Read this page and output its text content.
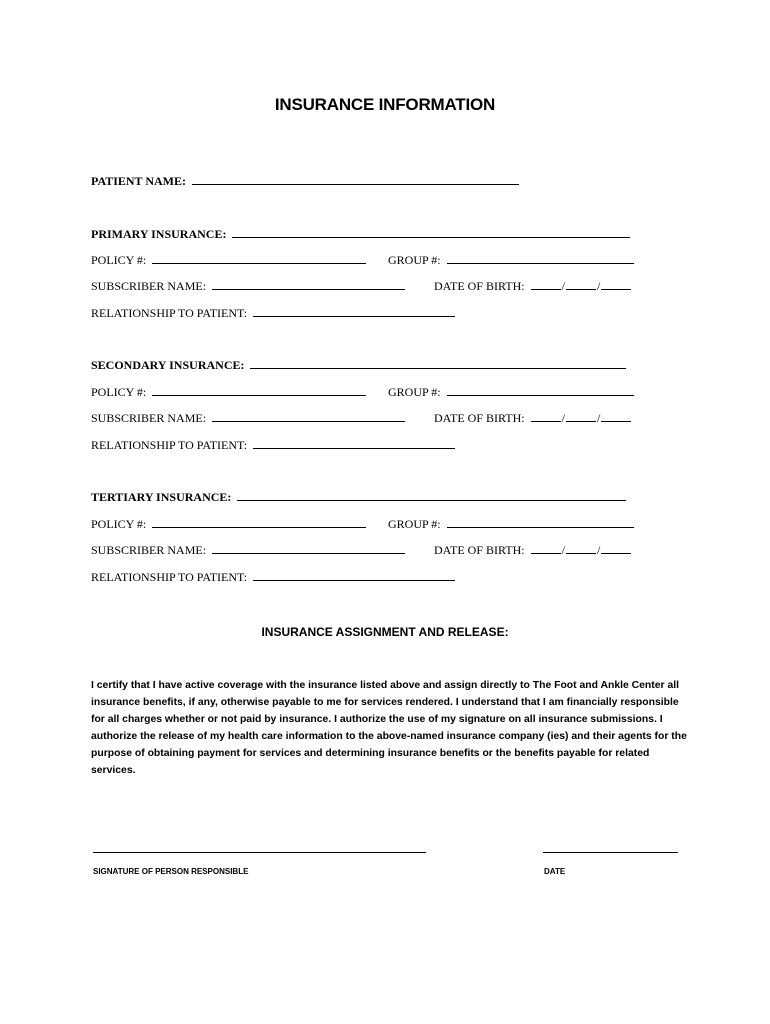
INSURANCE INFORMATION
PATIENT NAME:
PRIMARY INSURANCE:
POLICY #:	GROUP #:
SUBSCRIBER NAME:	DATE OF BIRTH:	/	/
RELATIONSHIP TO PATIENT:
SECONDARY INSURANCE:
POLICY #:	GROUP #:
SUBSCRIBER NAME:	DATE OF BIRTH:	/	/
RELATIONSHIP TO PATIENT:
TERTIARY INSURANCE:
POLICY #:	GROUP #:
SUBSCRIBER NAME:	DATE OF BIRTH:	/	/
RELATIONSHIP TO PATIENT:
INSURANCE ASSIGNMENT AND RELEASE:
I certify that I have active coverage with the insurance listed above and assign directly to The Foot and Ankle Center all insurance benefits, if any, otherwise payable to me for services rendered. I understand that I am financially responsible for all charges whether or not paid by insurance. I authorize the use of my signature on all insurance submissions. I authorize the release of my health care information to the above-named insurance company (ies) and their agents for the purpose of obtaining payment for services and determining insurance benefits or the benefits payable for related services.
SIGNATURE OF PERSON RESPONSIBLE	DATE
